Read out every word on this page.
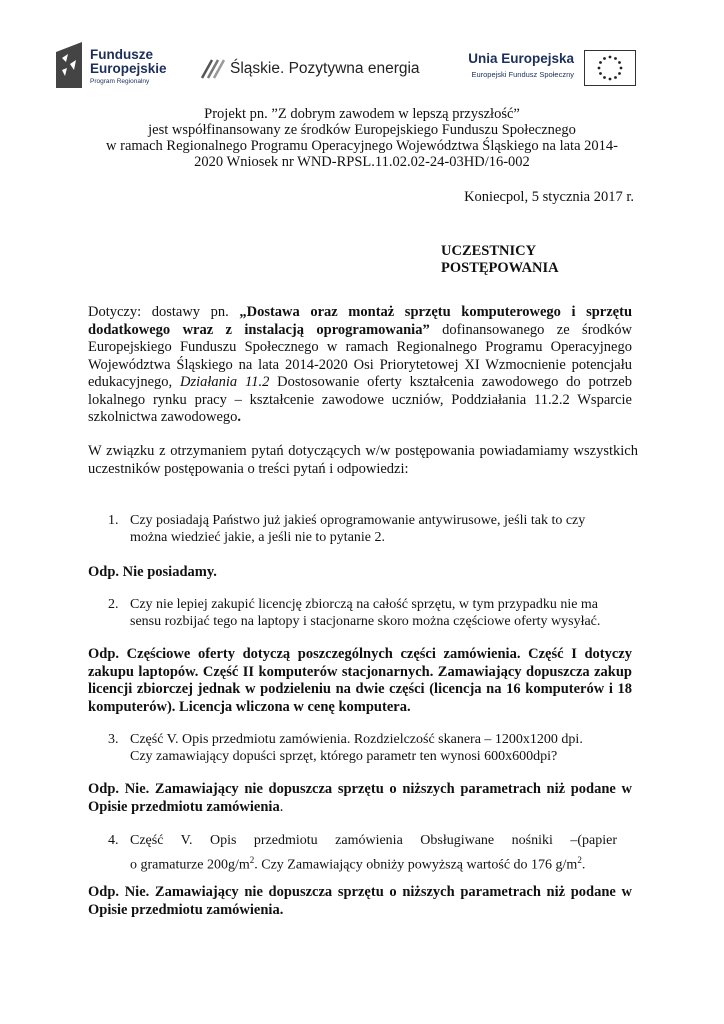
Fundusze
Europejskie
Program Regionalny
Śląskie. Pozytywna energia
Unia Europejska
Europejski Fundusz Społeczny
Projekt pn. ”Z dobrym zawodem w lepszą przyszłość”
jest współfinansowany ze środków Europejskiego Funduszu Społecznego
w ramach Regionalnego Programu Operacyjnego Województwa Śląskiego na lata 2014-
2020 Wniosek nr WND-RPSL.11.02.02-24-03HD/16-002
Koniecpol, 5 stycznia 2017 r.
UCZESTNICY
POSTĘPOWANIA
Dotyczy: dostawy pn. „Dostawa oraz montaż sprzętu komputerowego i sprzętu dodatkowego wraz z instalacją oprogramowania” dofinansowanego ze środków Europejskiego Funduszu Społecznego w ramach Regionalnego Programu Operacyjnego Województwa Śląskiego na lata 2014-2020 Osi Priorytetowej XI Wzmocnienie potencjału edukacyjnego, Działania 11.2 Dostosowanie oferty kształcenia zawodowego do potrzeb lokalnego rynku pracy – kształcenie zawodowe uczniów, Poddziałania 11.2.2 Wsparcie szkolnictwa zawodowego.
W związku z otrzymaniem pytań dotyczących w/w postępowania powiadamiamy wszystkich uczestników postępowania o treści pytań i odpowiedzi:
1. Czy posiadają Państwo już jakieś oprogramowanie antywirusowe, jeśli tak to czy
można wiedzieć jakie, a jeśli nie to pytanie 2.
Odp. Nie posiadamy.
2. Czy nie lepiej zakupić licencję zbiorczą na całość sprzętu, w tym przypadku nie ma
sensu rozbijać tego na laptopy i stacjonarne skoro można częściowe oferty wysyłać.
Odp. Częściowe oferty dotyczą poszczególnych części zamówienia. Część I dotyczy zakupu laptopów. Część II komputerów stacjonarnych. Zamawiający dopuszcza zakup licencji zbiorczej jednak w podzieleniu na dwie części (licencja na 16 komputerów i 18 komputerów). Licencja wliczona w cenę komputera.
3. Część V. Opis przedmiotu zamówienia. Rozdzielczość skanera – 1200x1200 dpi.
Czy zamawiający dopuści sprzęt, którego parametr ten wynosi 600x600dpi?
Odp. Nie. Zamawiający nie dopuszcza sprzętu o niższych parametrach niż podane w Opisie przedmiotu zamówienia.
4. Część V. Opis przedmiotu zamówienia Obsługiwane nośniki –(papier
o gramaturze $200g/m^2$. Czy Zamawiający obniży powyższą wartość do 176 $g/m^2$.
Odp. Nie. Zamawiający nie dopuszcza sprzętu o niższych parametrach niż podane w Opisie przedmiotu zamówienia.
